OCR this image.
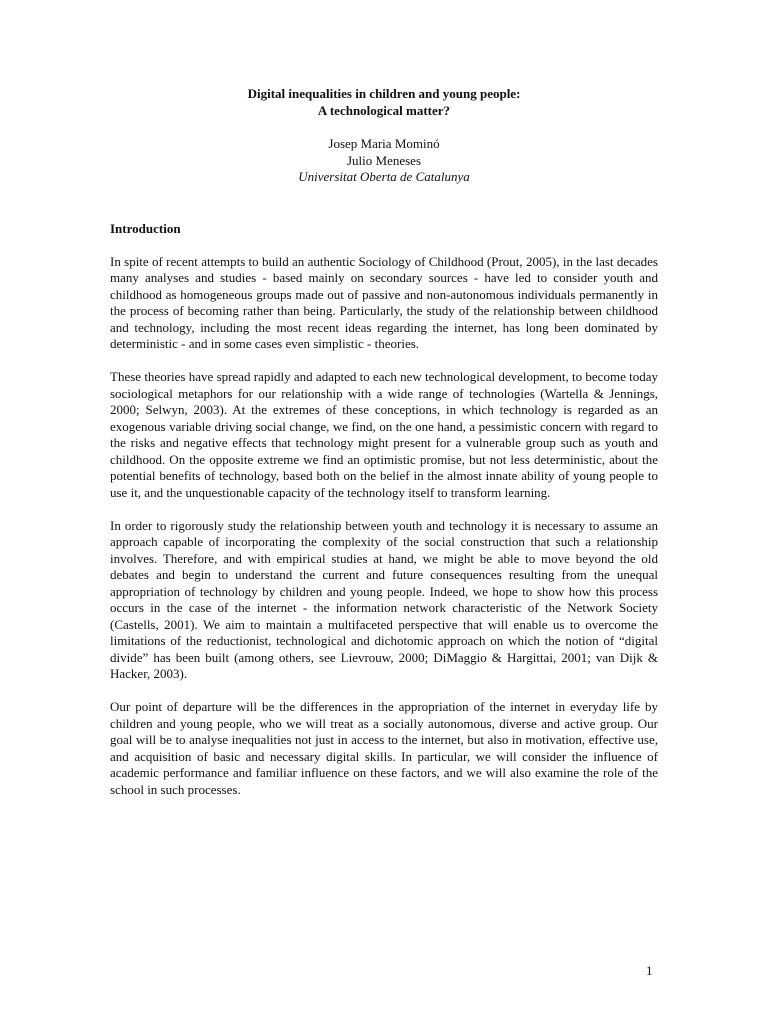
Digital inequalities in children and young people:
A technological matter?
Josep Maria Mominó
Julio Meneses
Universitat Oberta de Catalunya
Introduction

In spite of recent attempts to build an authentic Sociology of Childhood (Prout, 2005), in the last decades many analyses and studies - based mainly on secondary sources - have led to consider youth and childhood as homogeneous groups made out of passive and non-autonomous individuals permanently in the process of becoming rather than being. Particularly, the study of the relationship between childhood and technology, including the most recent ideas regarding the internet, has long been dominated by deterministic - and in some cases even simplistic - theories.

These theories have spread rapidly and adapted to each new technological development, to become today sociological metaphors for our relationship with a wide range of technologies (Wartella & Jennings, 2000; Selwyn, 2003). At the extremes of these conceptions, in which technology is regarded as an exogenous variable driving social change, we find, on the one hand, a pessimistic concern with regard to the risks and negative effects that technology might present for a vulnerable group such as youth and childhood. On the opposite extreme we find an optimistic promise, but not less deterministic, about the potential benefits of technology, based both on the belief in the almost innate ability of young people to use it, and the unquestionable capacity of the technology itself to transform learning.

In order to rigorously study the relationship between youth and technology it is necessary to assume an approach capable of incorporating the complexity of the social construction that such a relationship involves. Therefore, and with empirical studies at hand, we might be able to move beyond the old debates and begin to understand the current and future consequences resulting from the unequal appropriation of technology by children and young people. Indeed, we hope to show how this process occurs in the case of the internet - the information network characteristic of the Network Society (Castells, 2001). We aim to maintain a multifaceted perspective that will enable us to overcome the limitations of the reductionist, technological and dichotomic approach on which the notion of “digital divide” has been built (among others, see Lievrouw, 2000; DiMaggio & Hargittai, 2001; van Dijk & Hacker, 2003).

Our point of departure will be the differences in the appropriation of the internet in everyday life by children and young people, who we will treat as a socially autonomous, diverse and active group. Our goal will be to analyse inequalities not just in access to the internet, but also in motivation, effective use, and acquisition of basic and necessary digital skills. In particular, we will consider the influence of academic performance and familiar influence on these factors, and we will also examine the role of the school in such processes.

1
